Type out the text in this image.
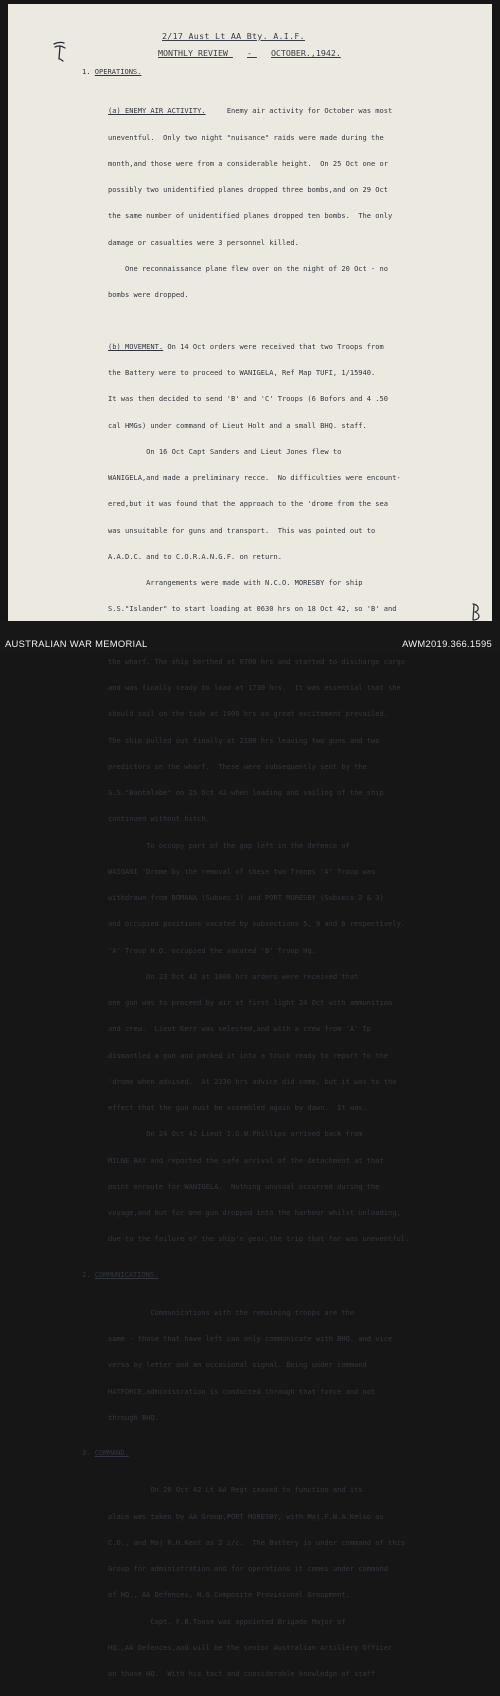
2/17 Aust Lt AA Bty. A.I.F.
MONTHLY REVIEW - OCTOBER.,1942.
1. OPERATIONS.

(a) ENEMY AIR ACTIVITY.	Enemy air activity for October was most

uneventful.  Only two night "nuisance" raids were made during the

month,and those were from a considerable height.  On 25 Oct one or

possibly two unidentified planes dropped three bombs,and on 29 Oct

the same number of unidentified planes dropped ten bombs.  The only

damage or casualties were 3 personnel killed.

One reconnaissance plane flew over on the night of 20 Oct - no

bombs were dropped.

(b) MOVEMENT. On 14 Oct orders were received that two Troops from

the Battery were to proceed to WANIGELA, Ref Map TUFI, 1/15940.

It was then decided to send 'B' and 'C' Troops (6 Bofors and 4 .50

cal HMGs) under command of Lieut Holt and a small BHQ. staff.

On 16 Oct Capt Sanders and Lieut Jones flew to

WANIGELA,and made a preliminary recce.  No difficulties were encount-

ered,but it was found that the approach to the 'drome from the sea

was unsuitable for guns and transport.  This was pointed out to

A.A.D.C. and to C.O.R.A.N.G.F. on return.

Arrangements were made with N.C.O. MORESBY for ship

S.S."Islander" to start loading at 0630 hrs on 18 Oct 42, so 'B' and

the wharf. The ship berthed at 0700 hrs and started to discharge cargo

and was finally ready to load at 1730 hrs.  It was essential that she

should sail on the tide at 1900 hrs so great excitement prevailed.

The ship pulled out finally at 2100 hrs leaving two guns and two

predictors on the wharf.  These were subsequently sent by the

S.S."Bantalabe" on 25 Oct 42 when loading and sailing of the ship

continued without hitch.

To occupy part of the gap left in the defence of

WAIGANI 'Drome by the removal of these two Troops 'A' Troop was

withdrawn from BOMANA (Subsec 1) and PORT MORESBY (Subsecs 2 & 3)

and occupied positions vacated by subsections 5, 9 and 6 respectively.

'A' Troop H.Q. occupied the vacated 'B' Troop Hq.

On 23 Oct 42 at 1000 hrs orders were received that

one gun was to proceed by air at first light 24 Oct with ammunition

and crew.  Lieut Kerr was selected,and with a crew from 'A' Tp

dismantled a gun and packed it into a truck ready to report to the

'drome when advised.  At 2330 hrs advice did come, but it was to the

effect that the gun must be assembled again by dawn.  It was.

On 24 Oct 42 Lieut I.G.W.Phillips arrived back from

MILNE BAY and reported the safe arrival of the detachment at that

point enroute for WANIGELA.  Nothing unusual occurred during the

voyage,and but for one gun dropped into the harbour whilst unloading,

due to the failure of the ship's gear,the trip that far was uneventful.

2. COMMUNICATIONS.

Communications with the remaining troops are the

same - those that have left can only communicate with BHQ. and vice

versa by letter and an occasional signal. Being under command

HATFORCE,administration is conducted through that force and not

through BHQ.

3. COMMAND.

On 20 Oct 42 Lt AA Regt ceased to function and its

place was taken by AA Group,PORT MORESBY, with Maj.F.W.A.Kelso as

C.O., and Maj R.H.Kent as 2 i/c.  The Battery is under command of this

Group for administration and for operations it comes under command

of HQ., AA Defences, N.G.Composite Provisional Groupment.

Capt. F.B.Toose was appointed Brigade Major of

HQ.,AA Defences,and will be the senior Australian Artillery Officer

on those HQ.  With his tact and considerable knowledge of staff

AUSTRALIAN WAR MEMORIAL	AWM2019.366.1595
